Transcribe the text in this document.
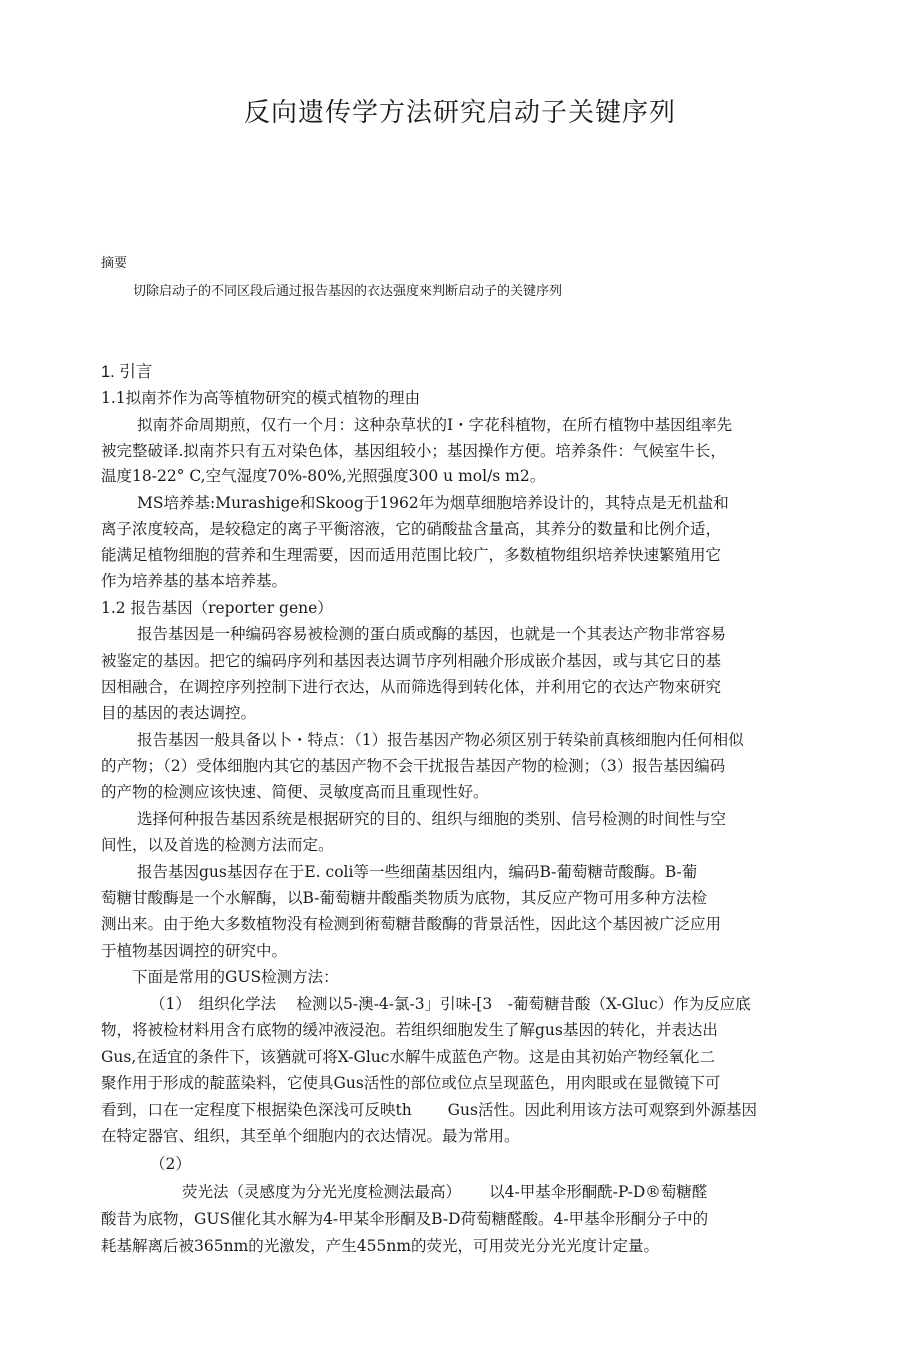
反向遗传学方法研究启动子关键序列
摘要
切除启动子的不同区段后通过报告基因的衣达强度來判断启动子的关键序列
1. 引言
1.1拟南芥作为高等植物研究的模式植物的理由
拟南芥命周期煎，仅冇一个月：这种杂草状的I・字花科植物，在所冇植物中基因组率先
被完整破译.拟南芥只有五对染色体，基因组较小；基因操作方便。培养条件：气候室牛长，
温度18-22° C,空气湿度70%-80%,光照强度300 u mol/s m2。
MS培养基:Murashige和Skoog于1962年为烟草细胞培养设计的，其特点是无机盐和
离子浓度较高，是较稳定的离子平衡溶液，它的硝酸盐含量高，其养分的数量和比例介适，
能满足植物细胞的营养和生理需要，因而适用范围比较广，多数植物组织培养快速繁殖用它
作为培养基的基本培养基。
1.2 报告基因（reporter gene）
报告基因是一种编码容易被检测的蛋白质或酶的基因，也就是一个其表达产物非常容易
被鉴定的基因。把它的编码序列和基因表达调节序列相融介形成嵌介基因，或与其它日的基
因相融合，在调控序列控制下进行衣达，从而筛选得到转化体，并利用它的衣达产物來研究
目的基因的表达调控。
报告基因一般具备以卜・特点：（1）报告基因产物必须区别于转染前真核细胞内任何相似
的产物；（2）受体细胞内其它的基因产物不会干扰报告基因产物的检测；（3）报告基因编码
的产物的检测应该快速、简便、灵敏度高而且重现性好。
选择何种报告基因系统是根据研究的目的、组织与细胞的类别、信号检测的时间性与空
间性，以及首选的检测方法而定。
报告基因gus基因存在于E. coli等一些细菌基因组内，编码B-葡萄糖苛酸酶。B-葡
萄糖甘酸酶是一个水解酶，以B-葡萄糖井酸酯类物质为底物，其反应产物可用多种方法检
测出来。由于绝大多数植物没有检测到術萄糖昔酸酶的背景活性，因此这个基因被广泛应用
于植物基因调控的研究中。
下面是常用的GUS检测方法：
（1）　组织化学法　 检测以5-澳-4-氯-3」引味-[3　-葡萄糖昔酸（X-Gluc）作为反应底
物，将被检材料用含冇底物的缓冲液浸泡。若组织细胞发生了解gus基因的转化，并表达出
Gus,在适宜的条件下，该猶就可将X-Gluc水解牛成蓝色产物。这是由其初始产物经氧化二
聚作用于形成的靛蓝染料，它使具Gus活性的部位或位点呈现蓝色，用肉眼或在显微镜下可
看到，口在一定程度下根据染色深浅可反映th　　 Gus活性。因此利用该方法可观察到外源基因
在特定器官、组织，其至单个细胞内的衣达情况。最为常用。
（2）
荧光法（灵感度为分光光度检测法最高）　　 以4-甲基伞形酮酰-P-D®萄糖醛
酸昔为底物，GUS催化其水解为4-甲某伞形酮及B-D荷萄糖醛酸。4-甲基伞形酮分子中的
耗基解离后被365nm的光激发，产生455nm的荧光，可用荧光分光光度计定量。
